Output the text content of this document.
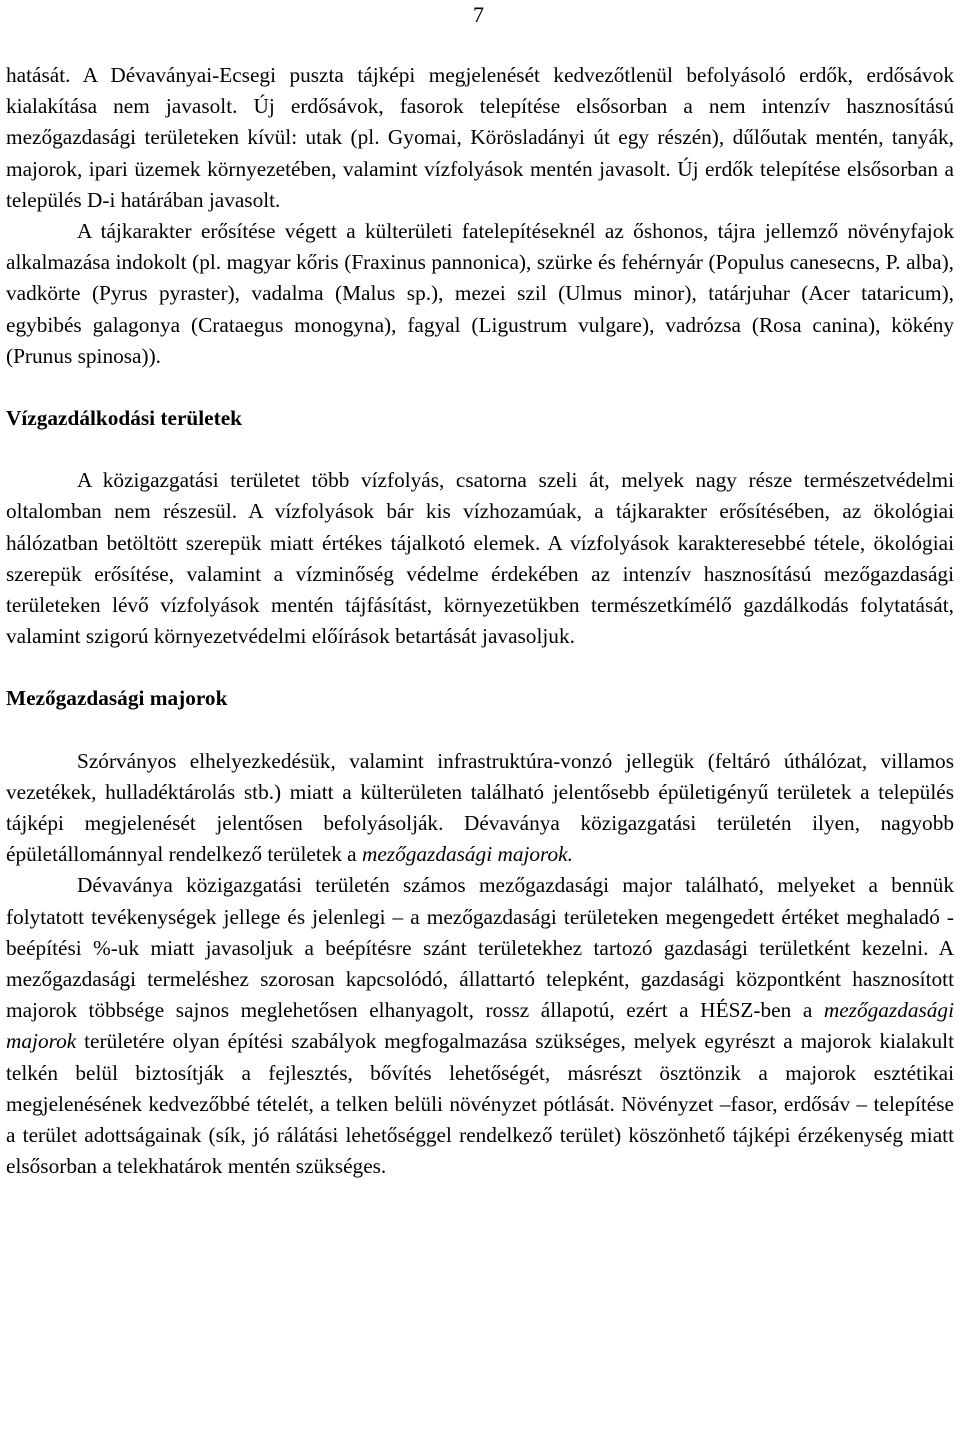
7

hatását. A Dévaványai-Ecsegi puszta tájképi megjelenését kedvezőtlenül befolyásoló erdők, erdősávok kialakítása nem javasolt. Új erdősávok, fasorok telepítése elsősorban a nem intenzív hasznosítású mezőgazdasági területeken kívül: utak (pl. Gyomai, Körösladányi út egy részén), dűlőutak mentén, tanyák, majorok, ipari üzemek környezetében, valamint vízfolyások mentén javasolt. Új erdők telepítése elsősorban a település D-i határában javasolt.

A tájkarakter erősítése végett a külterületi fatelepítéseknél az őshonos, tájra jellemző növényfajok alkalmazása indokolt (pl. magyar kőris (Fraxinus pannonica), szürke és fehérnyár (Populus canesecns, P. alba), vadkörte (Pyrus pyraster), vadalma (Malus sp.), mezei szil (Ulmus minor), tatárjuhar (Acer tataricum), egybibés galagonya (Crataegus monogyna), fagyal (Ligustrum vulgare), vadrózsa (Rosa canina), kökény (Prunus spinosa)).

Vízgazdálkodási területek

A közigazgatási területet több vízfolyás, csatorna szeli át, melyek nagy része természetvédelmi oltalomban nem részesül. A vízfolyások bár kis vízhozamúak, a tájkarakter erősítésében, az ökológiai hálózatban betöltött szerepük miatt értékes tájalkotó elemek. A vízfolyások karakteresebbé tétele, ökológiai szerepük erősítése, valamint a vízminőség védelme érdekében az intenzív hasznosítású mezőgazdasági területeken lévő vízfolyások mentén tájfásítást, környezetükben természetkímélő gazdálkodás folytatását, valamint szigorú környezetvédelmi előírások betartását javasoljuk.

Mezőgazdasági majorok

Szórványos elhelyezkedésük, valamint infrastruktúra-vonzó jellegük (feltáró úthálózat, villamos vezetékek, hulladéktárolás stb.) miatt a külterületen található jelentősebb épületigényű területek a település tájképi megjelenését jelentősen befolyásolják. Dévaványa közigazgatási területén ilyen, nagyobb épületállománnyal rendelkező területek a mezőgazdasági majorok.

Dévaványa közigazgatási területén számos mezőgazdasági major található, melyeket a bennük folytatott tevékenységek jellege és jelenlegi – a mezőgazdasági területeken megengedett értéket meghaladó - beépítési %-uk miatt javasoljuk a beépítésre szánt területekhez tartozó gazdasági területként kezelni. A mezőgazdasági termeléshez szorosan kapcsolódó, állattartó telepként, gazdasági központként hasznosított majorok többsége sajnos meglehetősen elhanyagolt, rossz állapotú, ezért a HÉSZ-ben a mezőgazdasági majorok területére olyan építési szabályok megfogalmazása szükséges, melyek egyrészt a majorok kialakult telkén belül biztosítják a fejlesztés, bővítés lehetőségét, másrészt ösztönzik a majorok esztétikai megjelenésének kedvezőbbé tételét, a telken belüli növényzet pótlását. Növényzet –fasor, erdősáv – telepítése a terület adottságainak (sík, jó rálátási lehetőséggel rendelkező terület) köszönhető tájképi érzékenység miatt elsősorban a telekhatárok mentén szükséges.
